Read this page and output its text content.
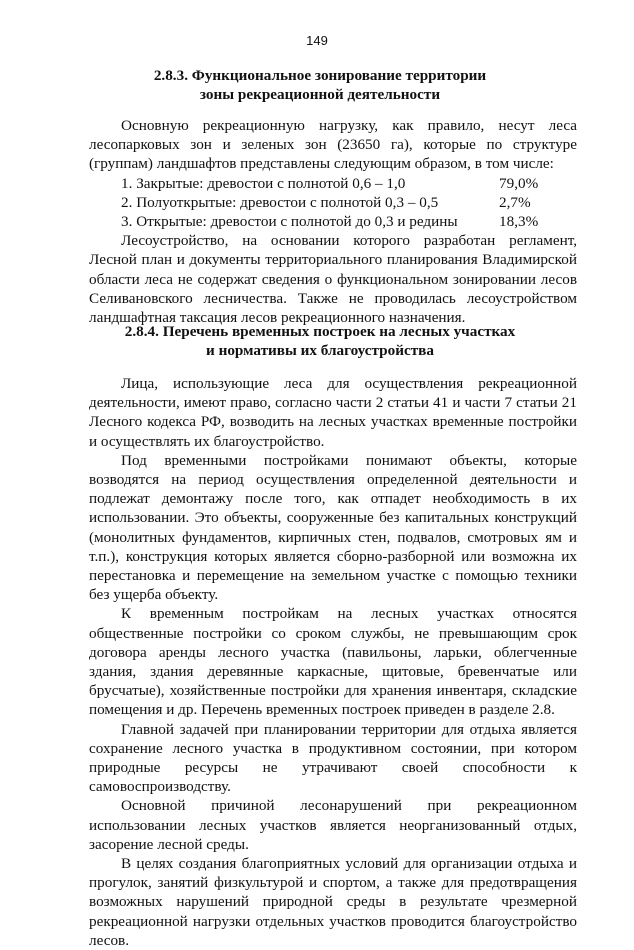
149
2.8.3. Функциональное зонирование территории
зоны рекреационной деятельности

Основную рекреационную нагрузку, как правило, несут леса лесопарковых зон и зеленых зон (23650 га), которые по структуре (группам) ландшафтов представлены следующим образом, в том числе:

1. Закрытые: древостои с полнотой 0,6 – 1,0	79,0%
2. Полуоткрытые: древостои с полнотой 0,3 – 0,5	2,7%
3. Открытые: древостои с полнотой до 0,3 и редины	18,3%

Лесоустройство, на основании которого разработан регламент, Лесной план и документы территориального планирования Владимирской области леса не содержат сведения о функциональном зонировании лесов Селивановского лесничества. Также не проводилась лесоустройством ландшафтная таксация лесов рекреационного назначения.

2.8.4. Перечень временных построек на лесных участках
и нормативы их благоустройства

Лица, использующие леса для осуществления рекреационной деятельности, имеют право, согласно части 2 статьи 41 и части 7 статьи 21 Лесного кодекса РФ, возводить на лесных участках временные постройки и осуществлять их благоустройство.

Под временными постройками понимают объекты, которые возводятся на период осуществления определенной деятельности и подлежат демонтажу после того, как отпадет необходимость в их использовании. Это объекты, сооруженные без капитальных конструкций (монолитных фундаментов, кирпичных стен, подвалов, смотровых ям и т.п.), конструкция которых является сборно-разборной или возможна их перестановка и перемещение на земельном участке с помощью техники без ущерба объекту.

К временным постройкам на лесных участках относятся общественные постройки со сроком службы, не превышающим срок договора аренды лесного участка (павильоны, ларьки, облегченные здания, здания деревянные каркасные, щитовые, бревенчатые или брусчатые), хозяйственные постройки для хранения инвентаря, складские помещения и др. Перечень временных построек приведен в разделе 2.8.

Главной задачей при планировании территории для отдыха является сохранение лесного участка в продуктивном состоянии, при котором природные ресурсы не утрачивают своей способности к самовоспроизводству.

Основной причиной лесонарушений при рекреационном использовании лесных участков является неорганизованный отдых, засорение лесной среды.

В целях создания благоприятных условий для организации отдыха и прогулок, занятий физкультурой и спортом, а также для предотвращения возможных нарушений природной среды в результате чрезмерной рекреационной нагрузки отдельных участков проводится благоустройство лесов.
